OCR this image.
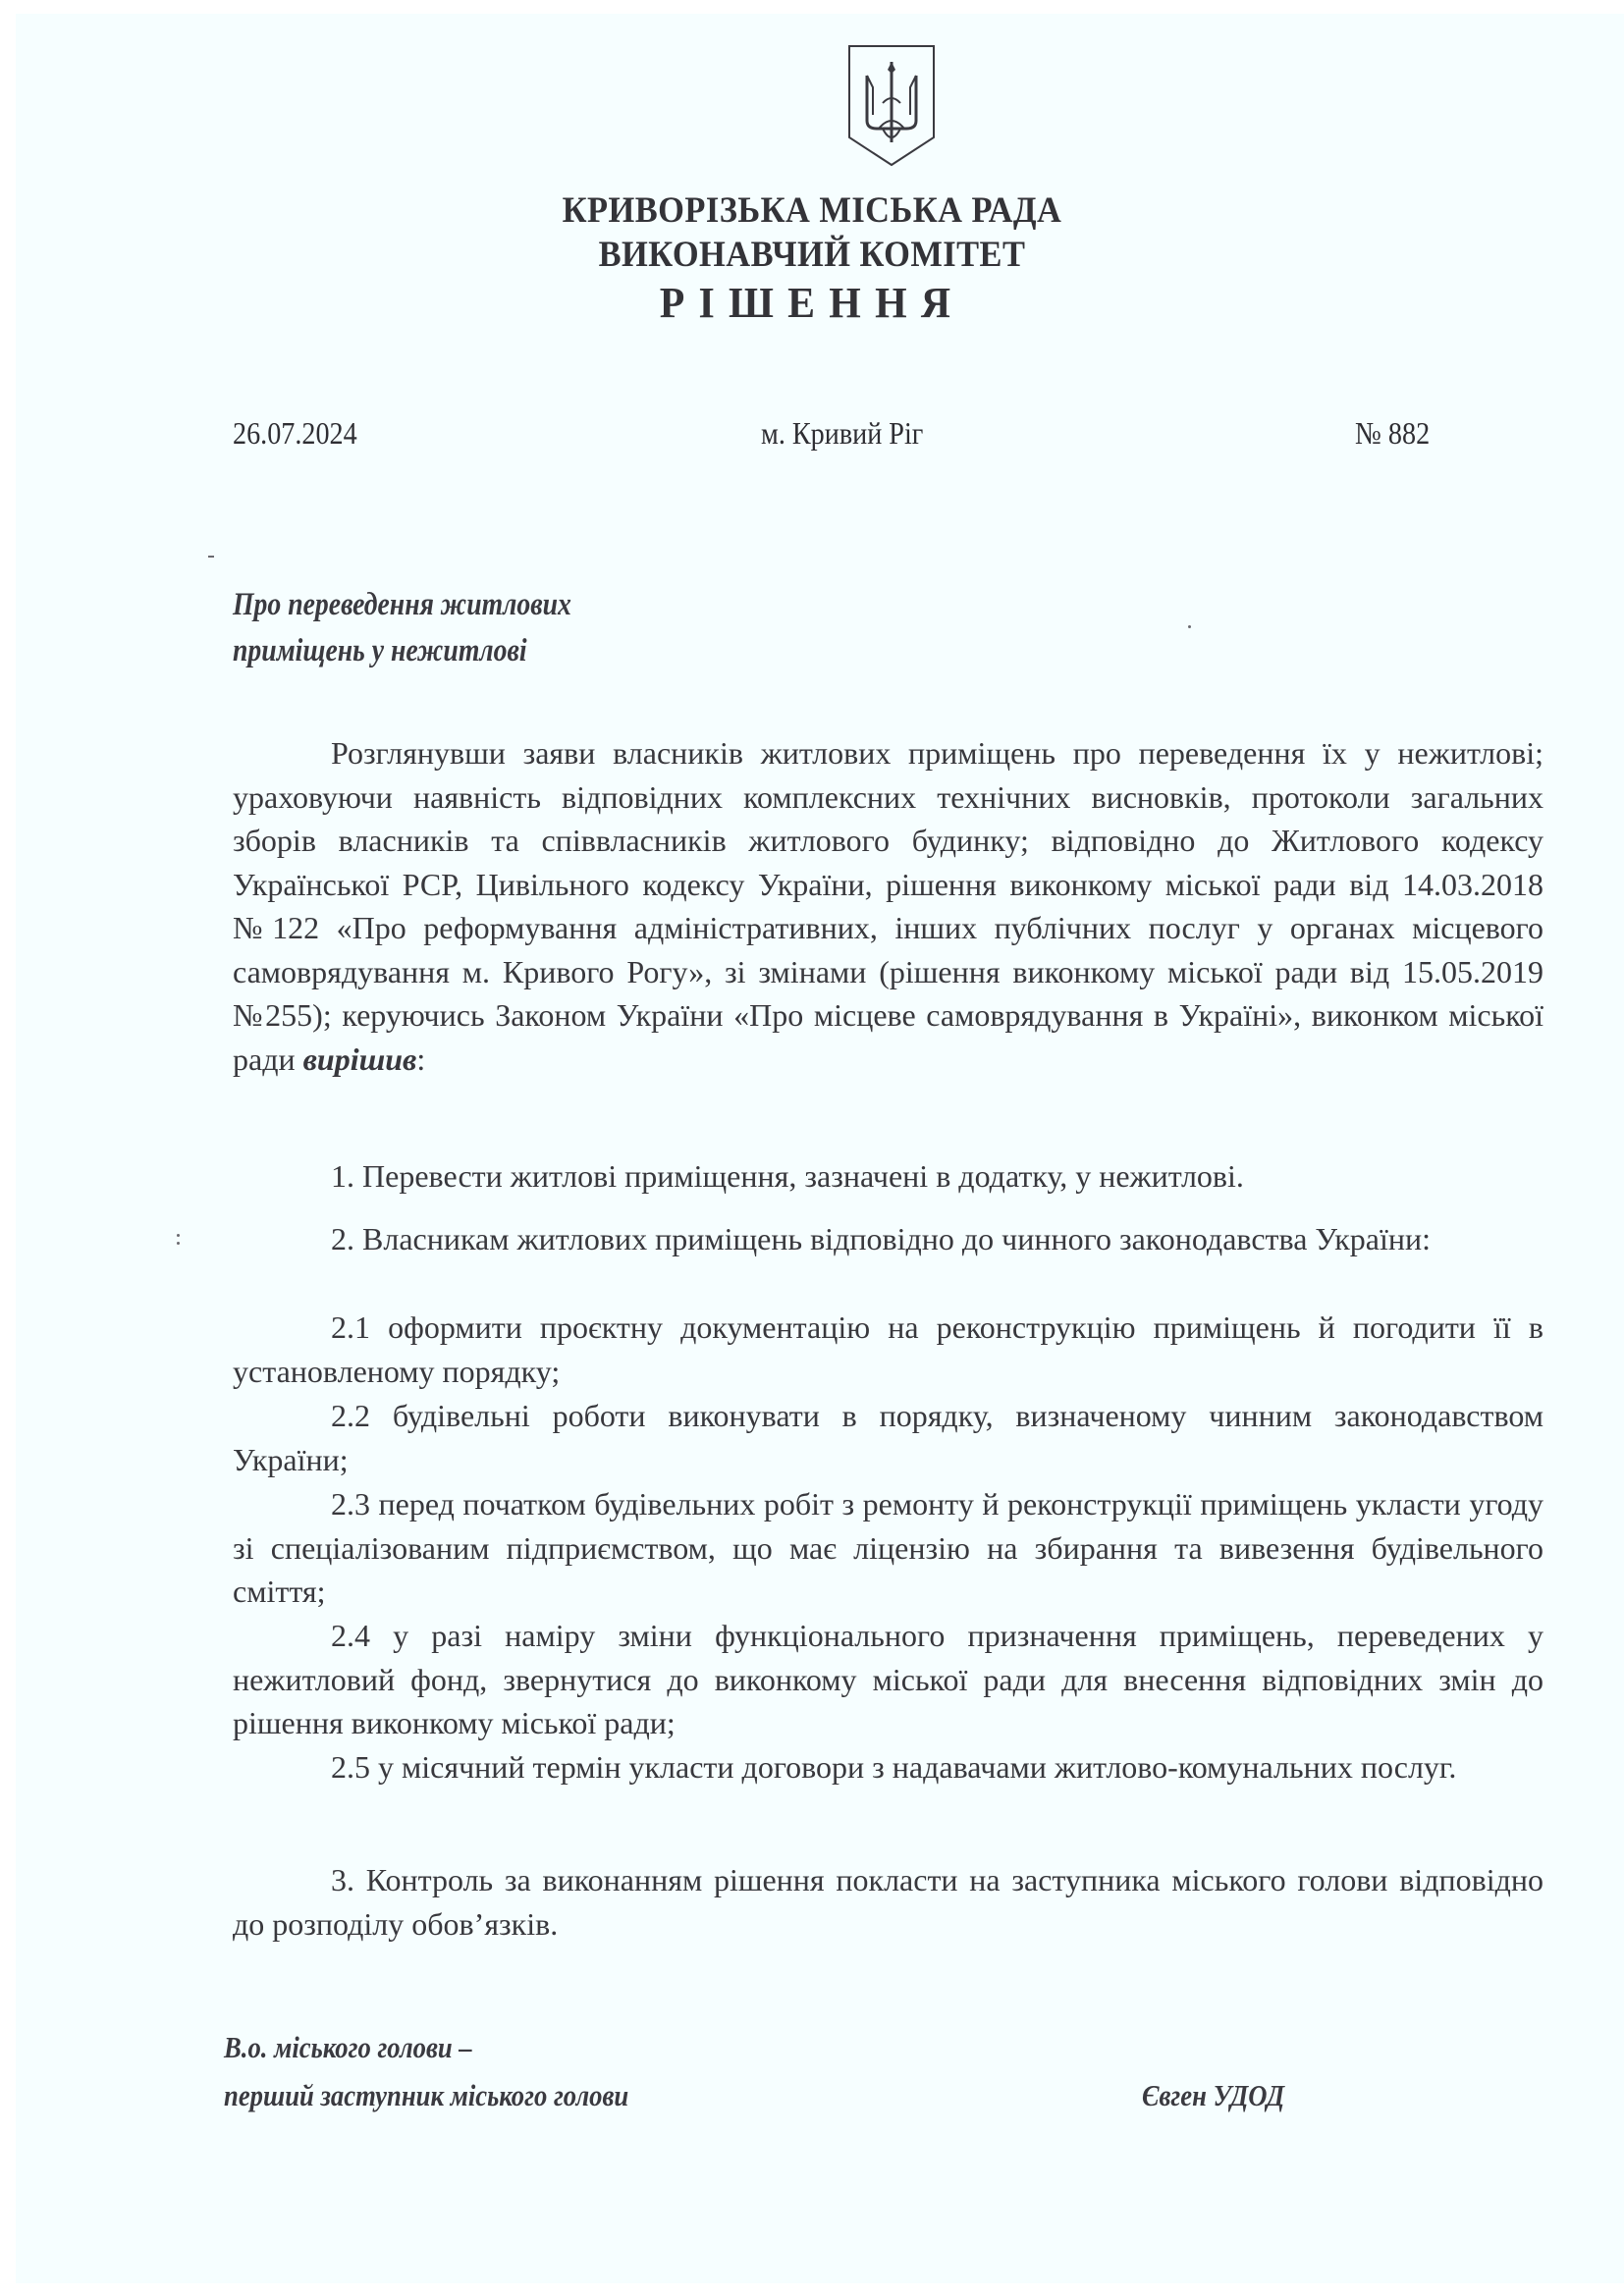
КРИВОРІЗЬКА МІСЬКА РАДА
ВИКОНАВЧИЙ КОМІТЕТ
РІШЕННЯ
26.07.2024	м. Кривий Ріг	№ 882
Про переведення житлових
приміщень у нежитлові
Розглянувши заяви власників житлових приміщень про переведення їх у нежитлові; ураховуючи наявність відповідних комплексних технічних висновків, протоколи загальних зборів власників та співвласників житлового будинку; відповідно до Житлового кодексу Української РСР, Цивільного кодексу України, рішення виконкому міської ради від 14.03.2018 №122 «Про реформування адміністративних, інших публічних послуг у органах місцевого самоврядування м. Кривого Рогу», зі змінами (рішення виконкому міської ради від 15.05.2019 №255); керуючись Законом України «Про місцеве самоврядування в Україні», виконком міської ради вирішив:
1. Перевести житлові приміщення, зазначені в додатку, у нежитлові.
2. Власникам житлових приміщень відповідно до чинного законодавства України:
2.1 оформити проєктну документацію на реконструкцію приміщень й погодити її в установленому порядку;
2.2 будівельні роботи виконувати в порядку, визначеному чинним законодавством України;
2.3 перед початком будівельних робіт з ремонту й реконструкції приміщень укласти угоду зі спеціалізованим підприємством, що має ліцензію на збирання та вивезення будівельного сміття;
2.4 у разі наміру зміни функціонального призначення приміщень, переведених у нежитловий фонд, звернутися до виконкому міської ради для внесення відповідних змін до рішення виконкому міської ради;
2.5 у місячний термін укласти договори з надавачами житлово-комунальних послуг.
3. Контроль за виконанням рішення покласти на заступника міського голови відповідно до розподілу обов’язків.
В.о. міського голови –
перший заступник міського голови	Євген УДОД
